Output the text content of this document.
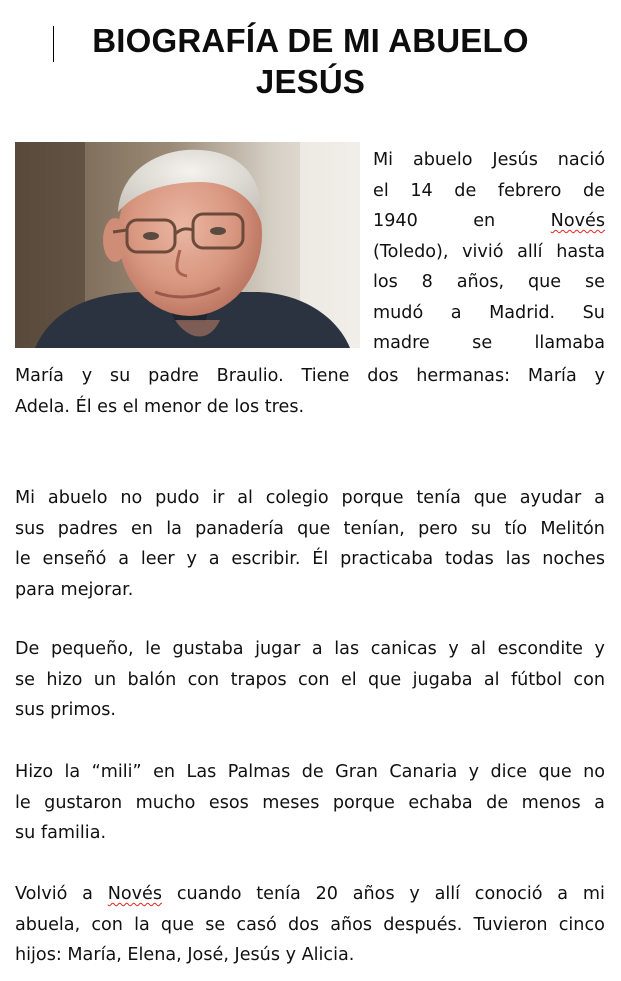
BIOGRAFÍA DE MI ABUELO
JESÚS
Mi abuelo Jesús nació
el 14 de febrero de
1940	en	Novés
(Toledo), vivió allí hasta
los 8 años, que se
mudó a Madrid. Su
madre se llamaba
María y su padre Braulio. Tiene dos hermanas: María y
Adela. Él es el menor de los tres.
Mi abuelo no pudo ir al colegio porque tenía que ayudar a
sus padres en la panadería que tenían, pero su tío Melitón
le enseñó a leer y a escribir. Él practicaba todas las noches
para mejorar.
De pequeño, le gustaba jugar a las canicas y al escondite y
se hizo un balón con trapos con el que jugaba al fútbol con
sus primos.
Hizo la “mili” en Las Palmas de Gran Canaria y dice que no
le gustaron mucho esos meses porque echaba de menos a
su familia.
Volvió a Novés cuando tenía 20 años y allí conoció a mi
abuela, con la que se casó dos años después. Tuvieron cinco
hijos: María, Elena, José, Jesús y Alicia.
